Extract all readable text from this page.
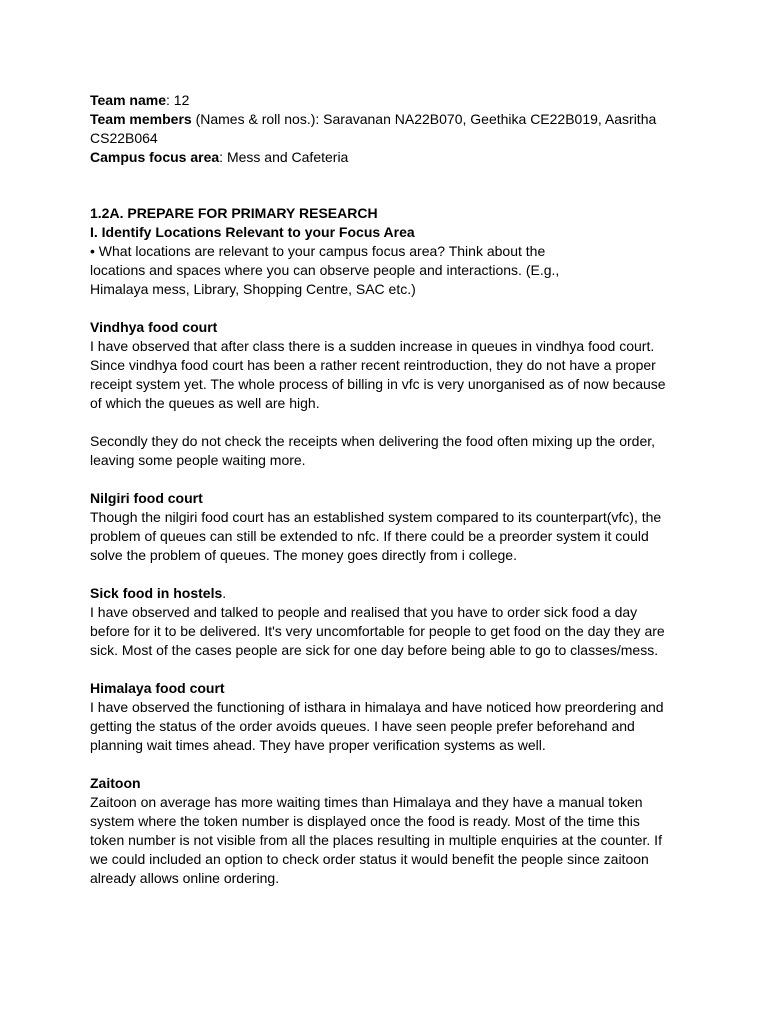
Team name: 12

Team members (Names & roll nos.): Saravanan NA22B070, Geethika CE22B019, Aasritha CS22B064

Campus focus area: Mess and Cafeteria

1.2A. PREPARE FOR PRIMARY RESEARCH

I. Identify Locations Relevant to your Focus Area

• What locations are relevant to your campus focus area? Think about the locations and spaces where you can observe people and interactions. (E.g., Himalaya mess, Library, Shopping Centre, SAC etc.)

Vindhya food court

I have observed that after class there is a sudden increase in queues in vindhya food court. Since vindhya food court has been a rather recent reintroduction, they do not have a proper receipt system yet. The whole process of billing in vfc is very unorganised as of now because of which the queues as well are high.

Secondly they do not check the receipts when delivering the food often mixing up the order, leaving some people waiting more.

Nilgiri food court

Though the nilgiri food court has an established system compared to its counterpart(vfc), the problem of queues can still be extended to nfc. If there could be a preorder system it could solve the problem of queues. The money goes directly from i college.

Sick food in hostels.

I have observed and talked to people and realised that you have to order sick food a day before for it to be delivered. It's very uncomfortable for people to get food on the day they are sick. Most of the cases people are sick for one day before being able to go to classes/mess.

Himalaya food court

I have observed the functioning of isthara in himalaya and have noticed how preordering and getting the status of the order avoids queues. I have seen people prefer beforehand and planning wait times ahead. They have proper verification systems as well.

Zaitoon

Zaitoon on average has more waiting times than Himalaya and they have a manual token system where the token number is displayed once the food is ready. Most of the time this token number is not visible from all the places resulting in multiple enquiries at the counter. If we could included an option to check order status it would benefit the people since zaitoon already allows online ordering.
